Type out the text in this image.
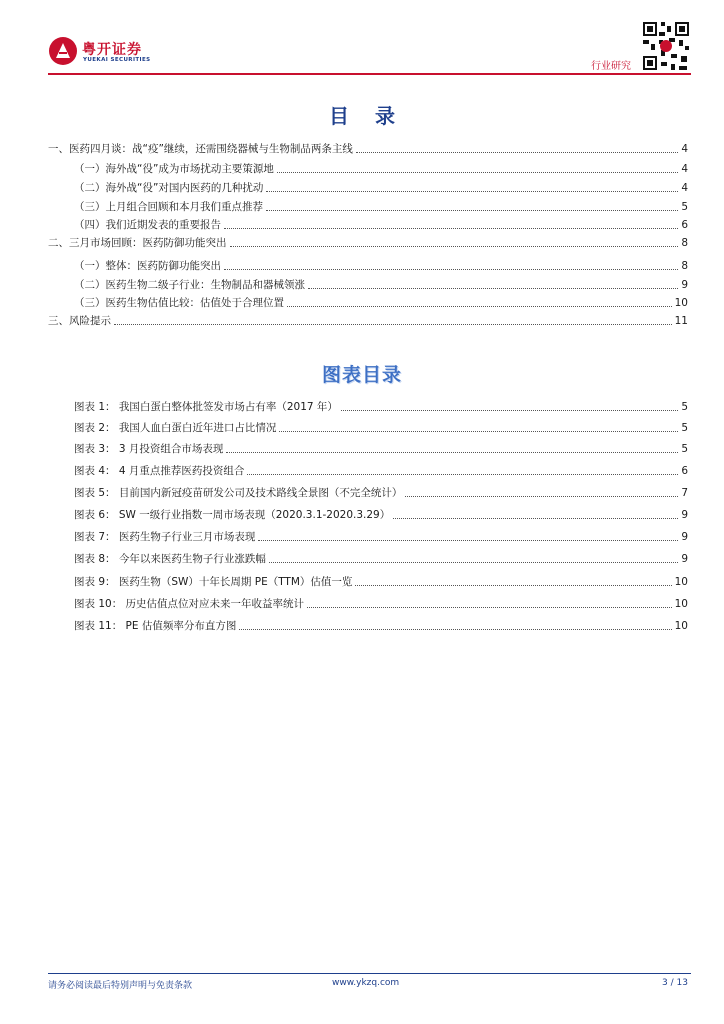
粤开证券
YUEKAI SECURITIES
行业研究
目录
一、医药四月谈：战“疫”继续，还需围绕器械与生物制品两条主线	4
（一）海外战“役”成为市场扰动主要策源地	4
（二）海外战“役”对国内医药的几种扰动	4
（三）上月组合回顾和本月我们重点推荐	5
（四）我们近期发表的重要报告	6
二、三月市场回顾：医药防御功能突出	8
（一）整体：医药防御功能突出	8
（二）医药生物二级子行业：生物制品和器械领涨	9
（三）医药生物估值比较：估值处于合理位置	10
三、风险提示	11
图表目录
图表 1： 我国白蛋白整体批签发市场占有率（2017 年）	5
图表 2： 我国人血白蛋白近年进口占比情况	5
图表 3： 3 月投资组合市场表现	5
图表 4： 4 月重点推荐医药投资组合	6
图表 5： 目前国内新冠疫苗研发公司及技术路线全景图（不完全统计）	7
图表 6： SW 一级行业指数一周市场表现（2020.3.1-2020.3.29）	9
图表 7： 医药生物子行业三月市场表现	9
图表 8： 今年以来医药生物子行业涨跌幅	9
图表 9： 医药生物（SW）十年长周期 PE（TTM）估值一览	10
图表 10： 历史估值点位对应未来一年收益率统计	10
图表 11： PE 估值频率分布直方图	10
请务必阅读最后特别声明与免责条款	www.ykzq.com	3 / 13
